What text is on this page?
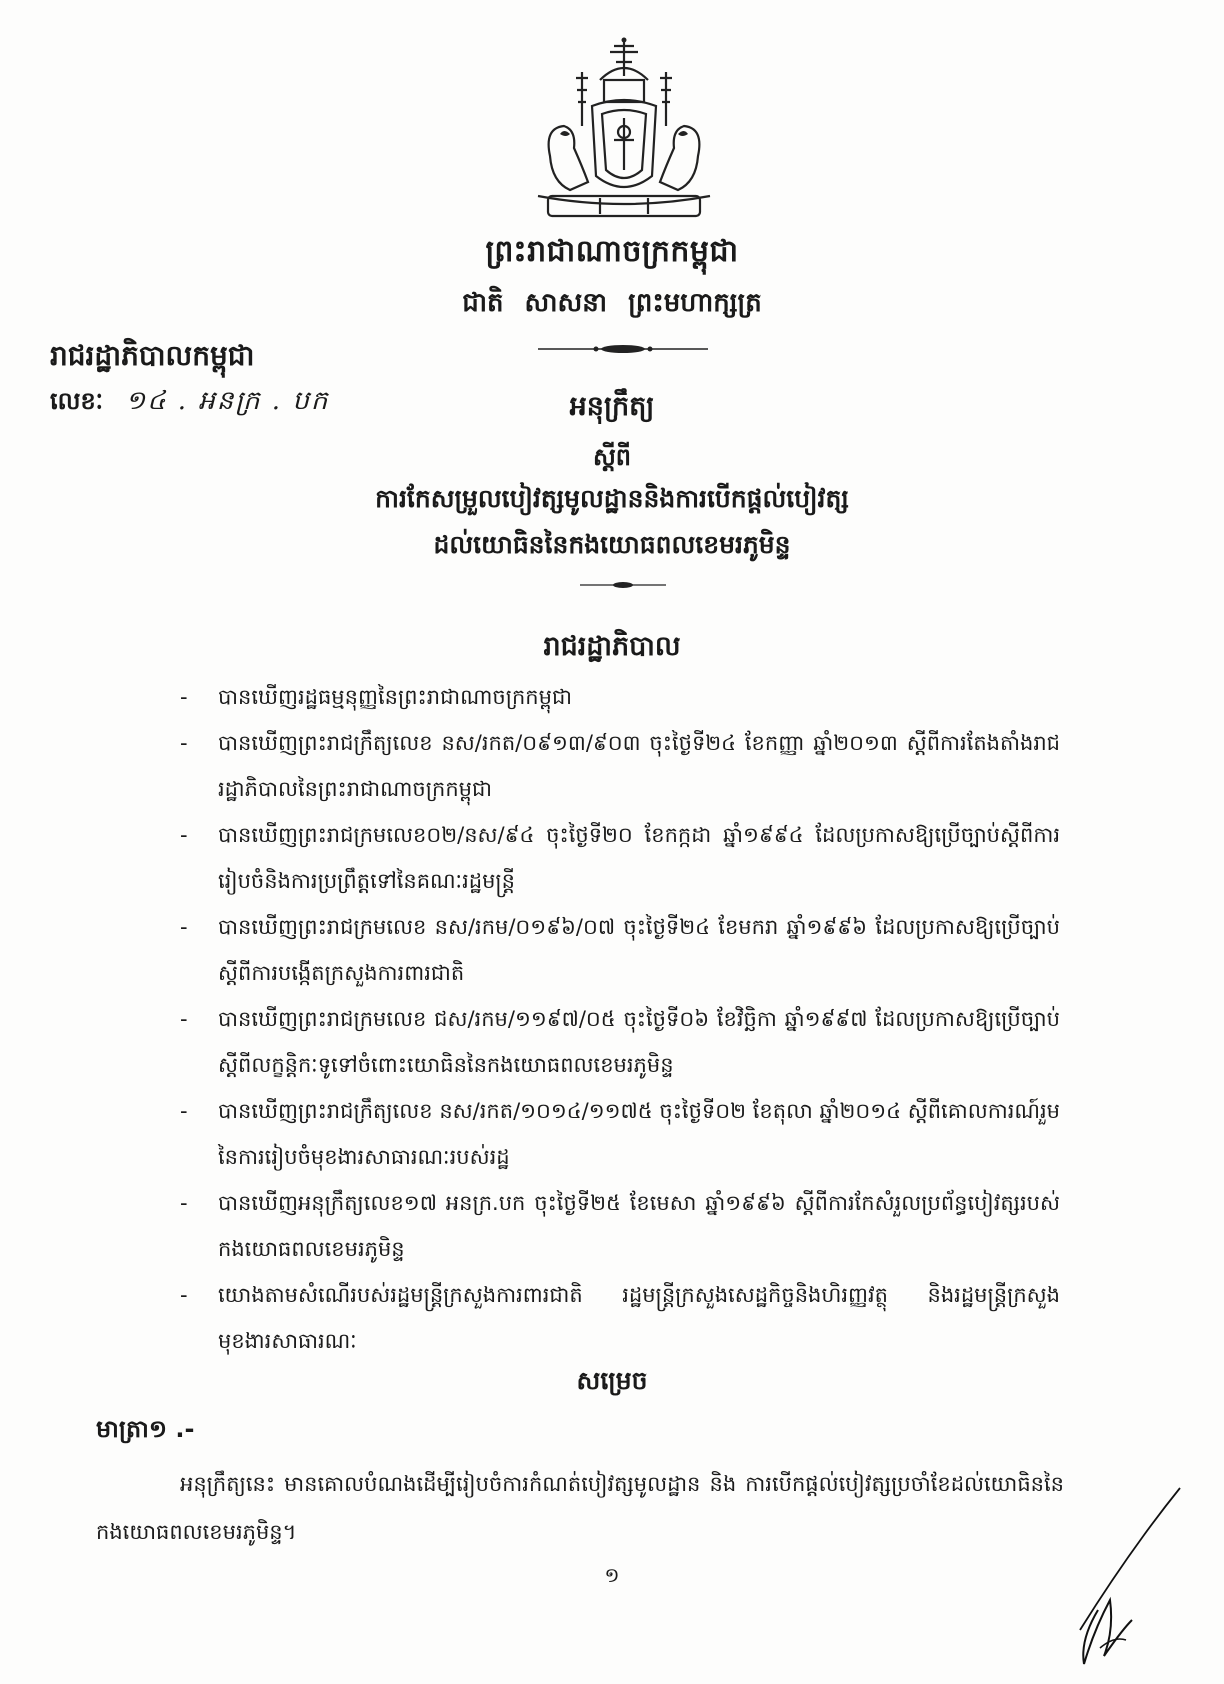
ព្រះរាជាណាចក្រកម្ពុជា
ជាតិ សាសនា ព្រះមហាក្សត្រ
រាជរដ្ឋាភិបាលកម្ពុជា
លេខៈ ១៤ . អនក្រ . បក	អនុក្រឹត្យ
ស្តីពី
ការកែសម្រួលបៀវត្សមូលដ្ឋាននិងការបើកផ្តល់បៀវត្ស
ដល់យោធិននៃកងយោធពលខេមរភូមិន្ទ
រាជរដ្ឋាភិបាល
- បានឃើញរដ្ឋធម្មនុញ្ញនៃព្រះរាជាណាចក្រកម្ពុជា
- បានឃើញព្រះរាជក្រឹត្យលេខ នស/រកត/០៩១៣/៩០៣ ចុះថ្ងៃទី២៤ ខែកញ្ញា ឆ្នាំ២០១៣ ស្តីពីការតែងតាំងរាជរដ្ឋាភិបាលនៃព្រះរាជាណាចក្រកម្ពុជា
- បានឃើញព្រះរាជក្រមលេខ០២/នស/៩៤ ចុះថ្ងៃទី២០ ខែកក្កដា ឆ្នាំ១៩៩៤ ដែលប្រកាសឱ្យប្រើច្បាប់ស្តីពីការរៀបចំនិងការប្រព្រឹត្តទៅនៃគណៈរដ្ឋមន្ត្រី
- បានឃើញព្រះរាជក្រមលេខ នស/រកម/០១៩៦/០៧ ចុះថ្ងៃទី២៤ ខែមករា ឆ្នាំ១៩៩៦ ដែលប្រកាសឱ្យប្រើច្បាប់ស្តីពីការបង្កើតក្រសួងការពារជាតិ
- បានឃើញព្រះរាជក្រមលេខ ជស/រកម/១១៩៧/០៥ ចុះថ្ងៃទី០៦ ខែវិច្ឆិកា ឆ្នាំ១៩៩៧ ដែលប្រកាសឱ្យប្រើច្បាប់ស្តីពីលក្ខន្តិកៈទូទៅចំពោះយោធិននៃកងយោធពលខេមរភូមិន្ទ
- បានឃើញព្រះរាជក្រឹត្យលេខ នស/រកត/១០១៤/១១៧៥ ចុះថ្ងៃទី០២ ខែតុលា ឆ្នាំ២០១៤ ស្តីពីគោលការណ៍រួមនៃការរៀបចំមុខងារសាធារណៈរបស់រដ្ឋ
- បានឃើញអនុក្រឹត្យលេខ១៧ អនក្រ.បក ចុះថ្ងៃទី២៥ ខែមេសា ឆ្នាំ១៩៩៦ ស្តីពីការកែសំរួលប្រព័ន្ធបៀវត្សរបស់កងយោធពលខេមរភូមិន្ទ
- យោងតាមសំណើរបស់រដ្ឋមន្ត្រីក្រសួងការពារជាតិ រដ្ឋមន្ត្រីក្រសួងសេដ្ឋកិច្ចនិងហិរញ្ញវត្ថុ និងរដ្ឋមន្ត្រីក្រសួងមុខងារសាធារណៈ
សម្រេច
មាត្រា១ .-
អនុក្រឹត្យនេះ មានគោលបំណងដើម្បីរៀបចំការកំណត់បៀវត្សមូលដ្ឋាន និង ការបើកផ្តល់បៀវត្សប្រចាំខែដល់យោធិននៃកងយោធពលខេមរភូមិន្ទ។
១
